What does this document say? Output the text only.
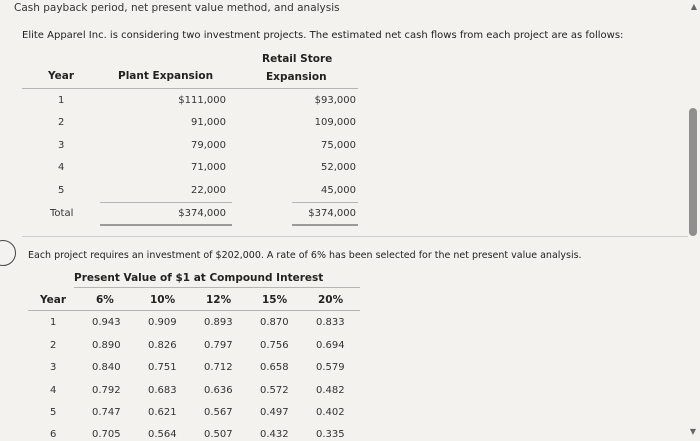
Cash payback period, net present value method, and analysis
Elite Apparel Inc. is considering two investment projects. The estimated net cash flows from each project are as follows:
Year	Plant Expansion
Retail Store
Expansion
1	$111,000	$93,000
2	91,000	109,000
3	79,000	75,000
4	71,000	52,000
5	22,000	45,000
Total	$374,000	$374,000
Each project requires an investment of $202,000. A rate of 6% has been selected for the net present value analysis.
Present Value of $1 at Compound Interest
Year	6%	10%	12%	15%	20%
1	0.943	0.909	0.893	0.870	0.833
2	0.890	0.826	0.797	0.756	0.694
3	0.840	0.751	0.712	0.658	0.579
4	0.792	0.683	0.636	0.572	0.482
5	0.747	0.621	0.567	0.497	0.402
6	0.705	0.564	0.507	0.432	0.335
▲
▼
